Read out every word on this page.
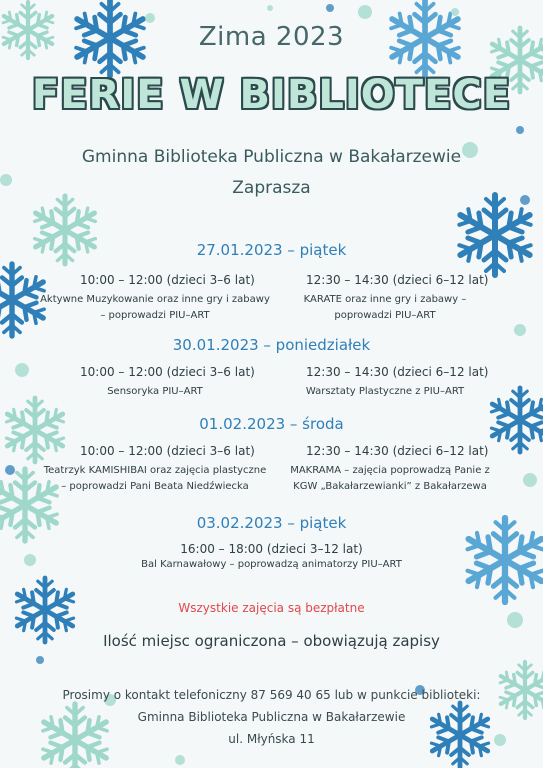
Zima 2023
FERIE W BIBLIOTECE
Gminna Biblioteka Publiczna w Bakałarzewie
Zaprasza
27.01.2023 – piątek
10:00 – 12:00 (dzieci 3–6 lat)
Aktywne Muzykowanie oraz inne gry i zabawy – poprowadzi PIU–ART
12:30 – 14:30 (dzieci 6–12 lat)
KARATE oraz inne gry i zabawy – poprowadzi PIU–ART
30.01.2023 – poniedziałek
10:00 – 12:00 (dzieci 3–6 lat)
Sensoryka PIU–ART
12:30 – 14:30 (dzieci 6–12 lat)
Warsztaty Plastyczne z PIU–ART
01.02.2023 – środa
10:00 – 12:00 (dzieci 3–6 lat)
Teatrzyk KAMISHIBAI oraz zajęcia plastyczne – poprowadzi Pani Beata Niedźwiecka
12:30 – 14:30 (dzieci 6–12 lat)
MAKRAMA – zajęcia poprowadzą Panie z KGW „Bakałarzewianki” z Bakałarzewa
03.02.2023 – piątek
16:00 – 18:00 (dzieci 3–12 lat)
Bal Karnawałowy – poprowadzą animatorzy PIU–ART
Wszystkie zajęcia są bezpłatne
Ilość miejsc ograniczona – obowiązują zapisy
Prosimy o kontakt telefoniczny 87 569 40 65 lub w punkcie biblioteki:
Gminna Biblioteka Publiczna w Bakałarzewie
ul. Młyńska 11
